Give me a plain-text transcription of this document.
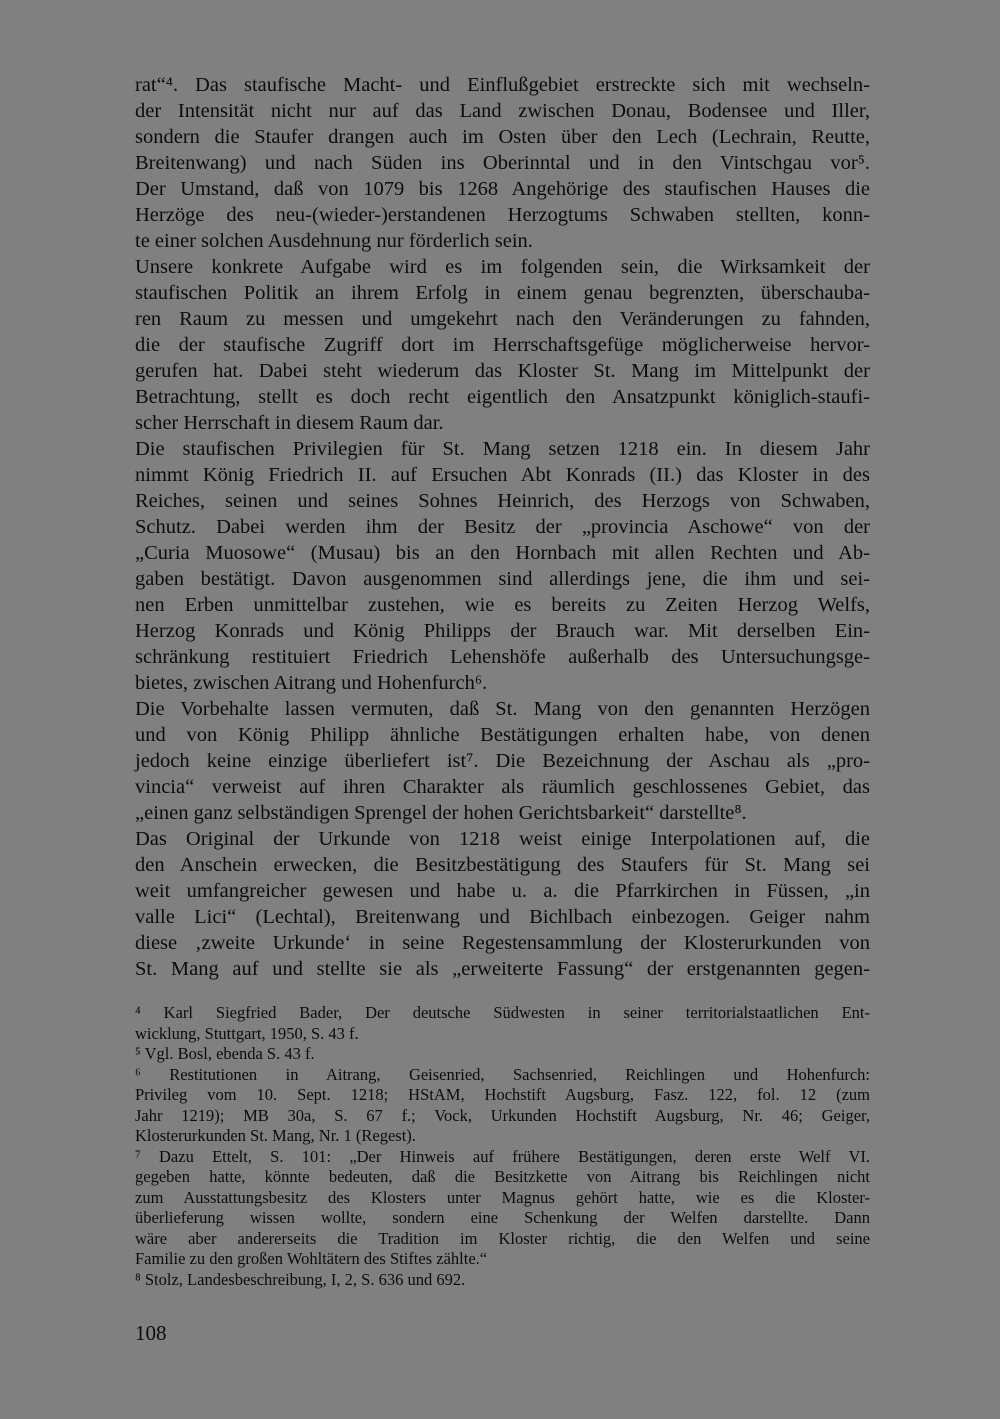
rat“⁴. Das staufische Macht- und Einflußgebiet erstreckte sich mit wechseln-
der Intensität nicht nur auf das Land zwischen Donau, Bodensee und Iller,
sondern die Staufer drangen auch im Osten über den Lech (Lechrain, Reutte,
Breitenwang) und nach Süden ins Oberinntal und in den Vintschgau vor⁵.
Der Umstand, daß von 1079 bis 1268 Angehörige des staufischen Hauses die
Herzöge des neu-(wieder-)erstandenen Herzogtums Schwaben stellten, konn-
te einer solchen Ausdehnung nur förderlich sein.
Unsere konkrete Aufgabe wird es im folgenden sein, die Wirksamkeit der
staufischen Politik an ihrem Erfolg in einem genau begrenzten, überschauba-
ren Raum zu messen und umgekehrt nach den Veränderungen zu fahnden,
die der staufische Zugriff dort im Herrschaftsgefüge möglicherweise hervor-
gerufen hat. Dabei steht wiederum das Kloster St. Mang im Mittelpunkt der
Betrachtung, stellt es doch recht eigentlich den Ansatzpunkt königlich-staufi-
scher Herrschaft in diesem Raum dar.
Die staufischen Privilegien für St. Mang setzen 1218 ein. In diesem Jahr
nimmt König Friedrich II. auf Ersuchen Abt Konrads (II.) das Kloster in des
Reiches, seinen und seines Sohnes Heinrich, des Herzogs von Schwaben,
Schutz. Dabei werden ihm der Besitz der „provincia Aschowe“ von der
„Curia Muosowe“ (Musau) bis an den Hornbach mit allen Rechten und Ab-
gaben bestätigt. Davon ausgenommen sind allerdings jene, die ihm und sei-
nen Erben unmittelbar zustehen, wie es bereits zu Zeiten Herzog Welfs,
Herzog Konrads und König Philipps der Brauch war. Mit derselben Ein-
schränkung restituiert Friedrich Lehenshöfe außerhalb des Untersuchungsge-
bietes, zwischen Aitrang und Hohenfurch⁶.
Die Vorbehalte lassen vermuten, daß St. Mang von den genannten Herzögen
und von König Philipp ähnliche Bestätigungen erhalten habe, von denen
jedoch keine einzige überliefert ist⁷. Die Bezeichnung der Aschau als „pro-
vincia“ verweist auf ihren Charakter als räumlich geschlossenes Gebiet, das
„einen ganz selbständigen Sprengel der hohen Gerichtsbarkeit“ darstellte⁸.
Das Original der Urkunde von 1218 weist einige Interpolationen auf, die
den Anschein erwecken, die Besitzbestätigung des Staufers für St. Mang sei
weit umfangreicher gewesen und habe u. a. die Pfarrkirchen in Füssen, „in
valle Lici“ (Lechtal), Breitenwang und Bichlbach einbezogen. Geiger nahm
diese ‚zweite Urkunde‘ in seine Regestensammlung der Klosterurkunden von
St. Mang auf und stellte sie als „erweiterte Fassung“ der erstgenannten gegen-
⁴ Karl Siegfried Bader, Der deutsche Südwesten in seiner territorialstaatlichen Ent-
wicklung, Stuttgart, 1950, S. 43 f.
⁵ Vgl. Bosl, ebenda S. 43 f.
⁶ Restitutionen in Aitrang, Geisenried, Sachsenried, Reichlingen und Hohenfurch:
Privileg vom 10. Sept. 1218; HStAM, Hochstift Augsburg, Fasz. 122, fol. 12 (zum
Jahr 1219); MB 30a, S. 67 f.; Vock, Urkunden Hochstift Augsburg, Nr. 46; Geiger,
Klosterurkunden St. Mang, Nr. 1 (Regest).
⁷ Dazu Ettelt, S. 101: „Der Hinweis auf frühere Bestätigungen, deren erste Welf VI.
gegeben hatte, könnte bedeuten, daß die Besitzkette von Aitrang bis Reichlingen nicht
zum Ausstattungsbesitz des Klosters unter Magnus gehört hatte, wie es die Kloster-
überlieferung wissen wollte, sondern eine Schenkung der Welfen darstellte. Dann
wäre aber andererseits die Tradition im Kloster richtig, die den Welfen und seine
Familie zu den großen Wohltätern des Stiftes zählte.“
⁸ Stolz, Landesbeschreibung, I, 2, S. 636 und 692.
108
